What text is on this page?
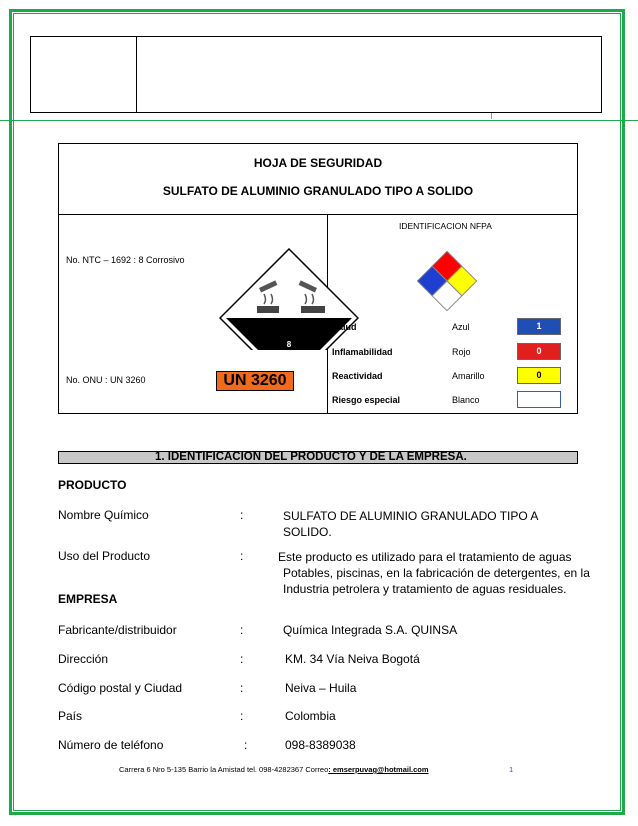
HOJA DE SEGURIDAD
SULFATO DE ALUMINIO GRANULADO TIPO A SOLIDO
No. NTC – 1692 : 8 Corrosivo
No. ONU : UN 3260
IDENTIFICACION NFPA
8
UN 3260
Salud	Azul	1
Inflamabilidad	Rojo	0
Reactividad	Amarillo	0
Riesgo especial	Blanco
1. IDENTIFICACION DEL PRODUCTO Y DE LA EMPRESA.
PRODUCTO
Nombre Químico	:	SULFATO DE ALUMINIO GRANULADO TIPO A
SOLIDO.
Uso del Producto	:	Este producto es utilizado para el tratamiento de aguas
Potables, piscinas, en la fabricación de detergentes, en la
Industria petrolera y tratamiento de aguas residuales.
EMPRESA
Fabricante/distribuidor	:	Química Integrada S.A. QUINSA
Dirección	:	KM. 34 Vía Neiva Bogotá
Código postal y Ciudad	:	Neiva – Huila
País	:	Colombia
Número de teléfono	:	098-8389038
Carrera 6 Nro 5-135 Barrio la Amistad tel. 098-4282367 Correo: emserpuvag@hotmail.com	1
